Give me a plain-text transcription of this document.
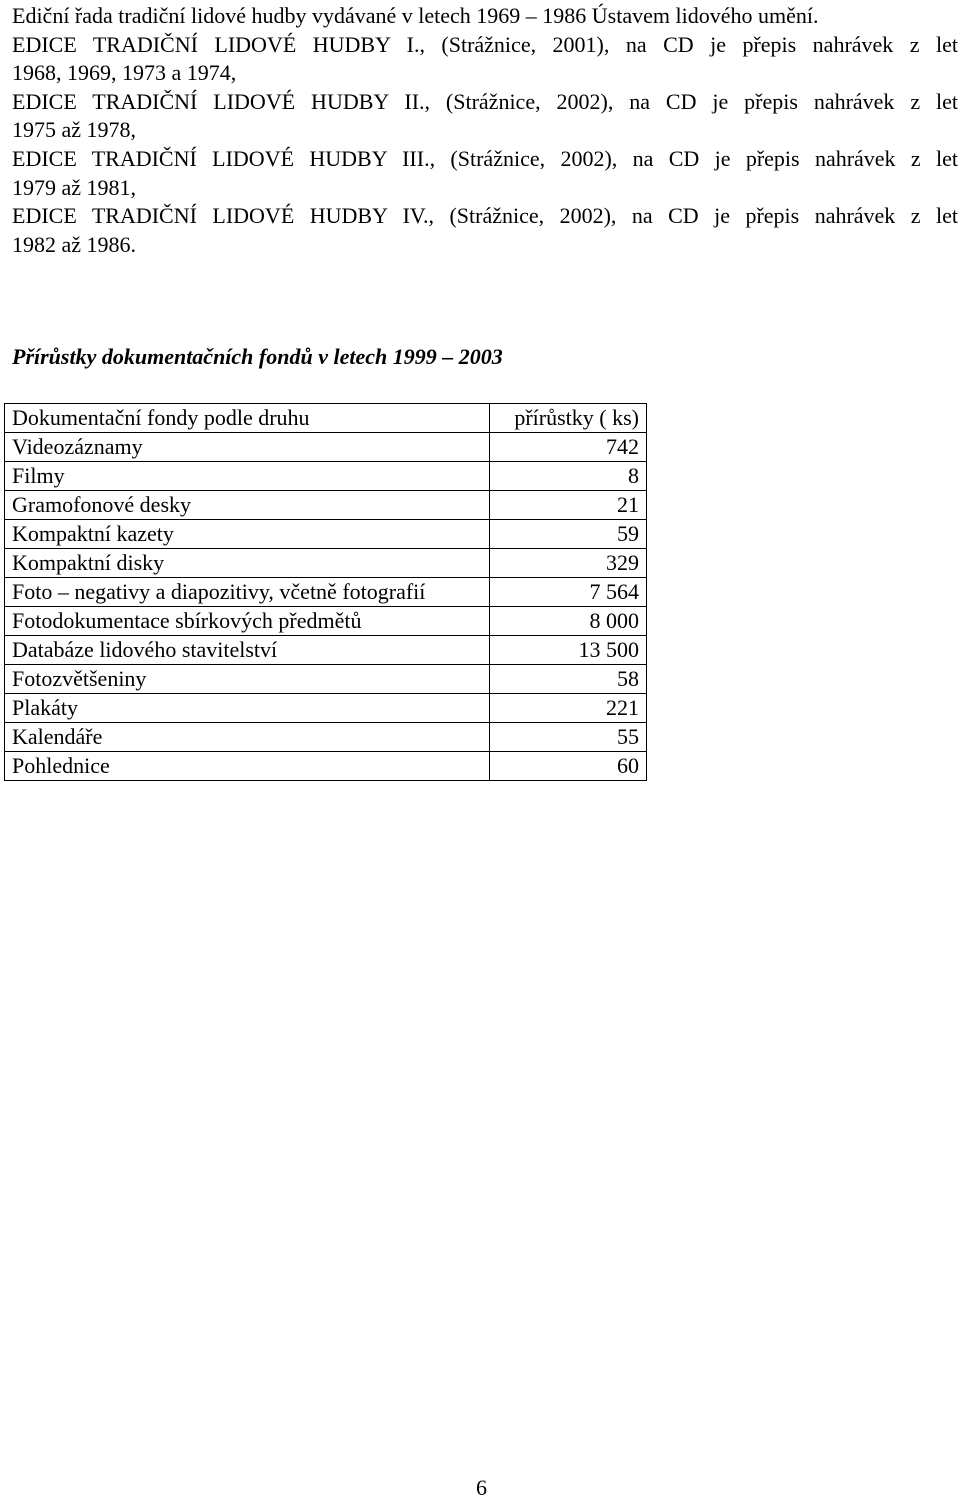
Ediční řada tradiční lidové hudby vydávané v letech 1969 – 1986 Ústavem lidového umění.
EDICE TRADIČNÍ LIDOVÉ HUDBY I., (Strážnice, 2001), na CD je přepis nahrávek z let
1968, 1969, 1973 a 1974,
EDICE TRADIČNÍ LIDOVÉ HUDBY II., (Strážnice, 2002), na CD je přepis nahrávek z let
1975 až 1978,
EDICE TRADIČNÍ LIDOVÉ HUDBY III., (Strážnice, 2002), na CD je přepis nahrávek z let
1979 až 1981,
EDICE TRADIČNÍ LIDOVÉ HUDBY IV., (Strážnice, 2002), na CD je přepis nahrávek z let
1982 až 1986.
Přírůstky dokumentačních fondů v letech 1999 – 2003
Dokumentační fondy podle druhu	přírůstky ( ks)
Videozáznamy	742
Filmy	8
Gramofonové desky	21
Kompaktní kazety	59
Kompaktní disky	329
Foto – negativy a diapozitivy, včetně fotografií	7 564
Fotodokumentace sbírkových předmětů	8 000
Databáze lidového stavitelství	13 500
Fotozvětšeniny	58
Plakáty	221
Kalendáře	55
Pohlednice	60
6
